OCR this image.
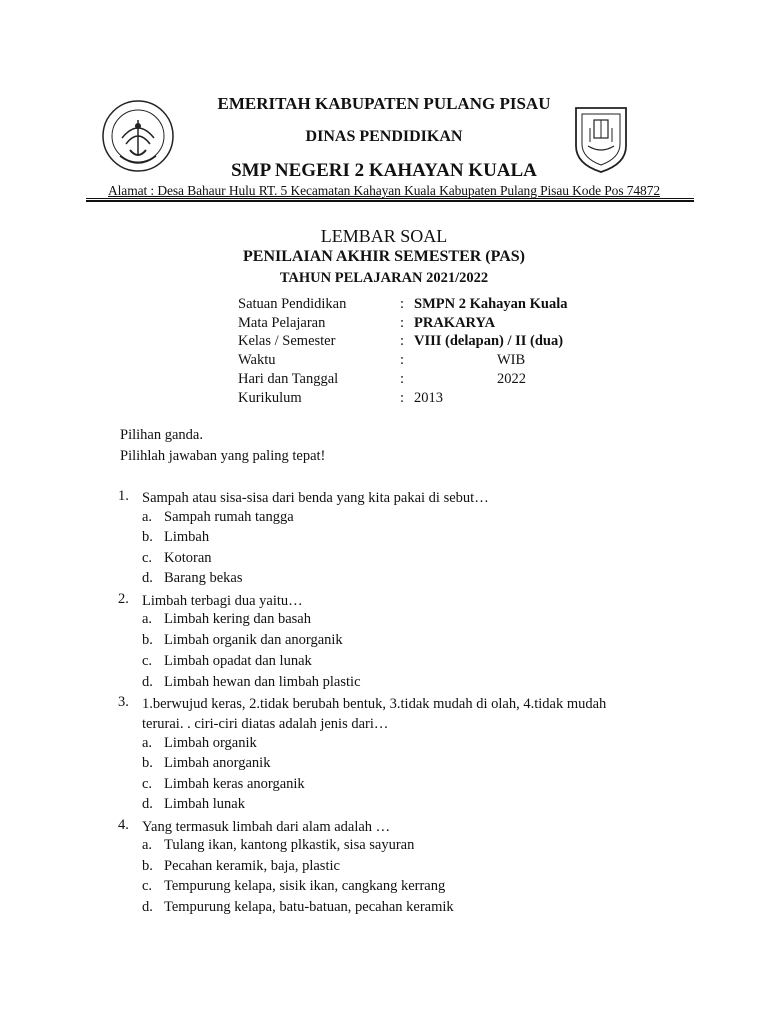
EMERITAH KABUPATEN PULANG PISAU
DINAS PENDIDIKAN
SMP NEGERI 2 KAHAYAN KUALA
Alamat : Desa Bahaur Hulu RT. 5 Kecamatan Kahayan Kuala Kabupaten Pulang Pisau Kode Pos 74872
LEMBAR SOAL
PENILAIAN AKHIR SEMESTER (PAS)
TAHUN PELAJARAN 2021/2022
Satuan Pendidikan	: SMPN 2 Kahayan Kuala
Mata Pelajaran	: PRAKARYA
Kelas / Semester	: VIII (delapan) / II (dua)
Waktu	:	WIB
Hari dan Tanggal	:	2022
Kurikulum	: 2013
Pilihan ganda.
Pilihlah jawaban yang paling tepat!
1. Sampah atau sisa-sisa dari benda yang kita pakai di sebut…
a. Sampah rumah tangga
b. Limbah
c. Kotoran
d. Barang bekas
2. Limbah terbagi dua yaitu…
a. Limbah kering dan basah
b. Limbah organik dan anorganik
c. Limbah opadat dan lunak
d. Limbah hewan dan limbah plastic
3. 1.berwujud keras, 2.tidak berubah bentuk, 3.tidak mudah di olah, 4.tidak mudah terurai. . ciri-ciri diatas adalah jenis dari…
a. Limbah organik
b. Limbah anorganik
c. Limbah keras anorganik
d. Limbah lunak
4. Yang termasuk limbah dari alam adalah …
a. Tulang ikan, kantong plkastik, sisa sayuran
b. Pecahan keramik, baja, plastic
c. Tempurung kelapa, sisik ikan, cangkang kerrang
d. Tempurung kelapa, batu-batuan, pecahan keramik
